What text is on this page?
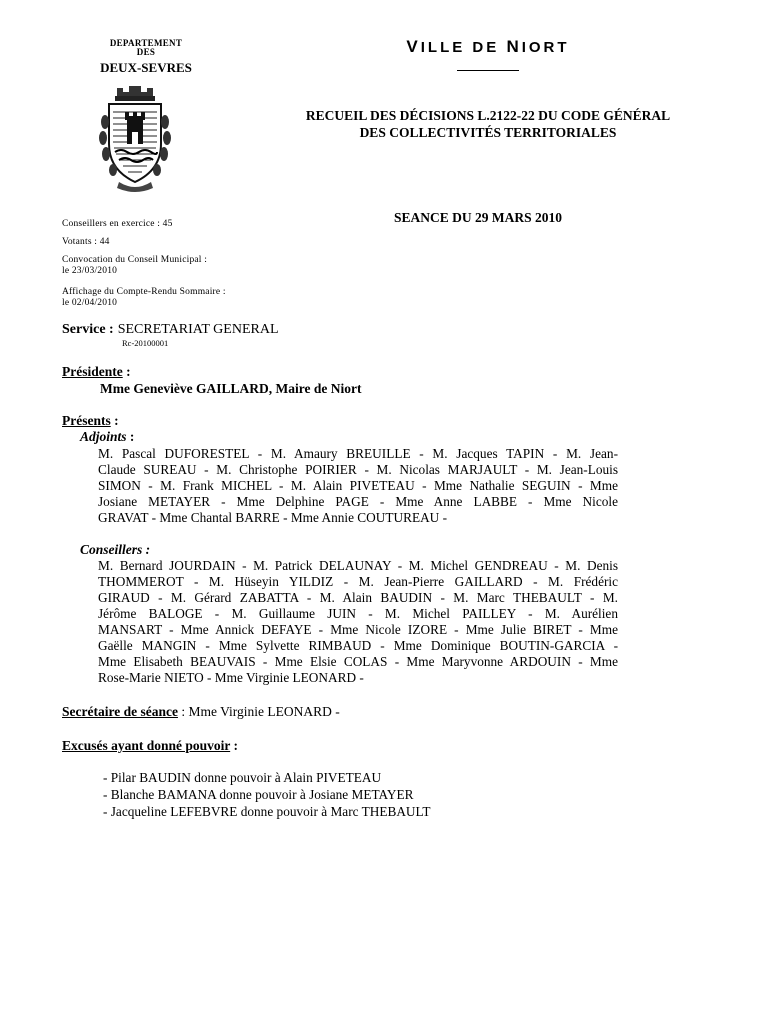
DEPARTEMENT
DES
DEUX-SEVRES
VILLE DE NIORT
RECUEIL DES DÉCISIONS L.2122-22 DU CODE GÉNÉRAL
DES COLLECTIVITÉS TERRITORIALES
SEANCE DU 29 MARS 2010
Conseillers en exercice : 45
Votants : 44
Convocation du Conseil Municipal :
le 23/03/2010
Affichage du Compte-Rendu Sommaire :
le 02/04/2010
Service : SECRETARIAT GENERAL
Rc-20100001
Présidente :
Mme Geneviève GAILLARD, Maire de Niort
Présents :
Adjoints :
M. Pascal DUFORESTEL - M. Amaury BREUILLE - M. Jacques TAPIN - M. Jean-
Claude SUREAU - M. Christophe POIRIER - M. Nicolas MARJAULT - M. Jean-Louis
SIMON - M. Frank MICHEL - M. Alain PIVETEAU - Mme Nathalie SEGUIN - Mme
Josiane METAYER - Mme Delphine PAGE - Mme Anne LABBE - Mme Nicole
GRAVAT - Mme Chantal BARRE - Mme Annie COUTUREAU -
Conseillers :
M. Bernard JOURDAIN - M. Patrick DELAUNAY - M. Michel GENDREAU - M. Denis
THOMMEROT - M. Hüseyin YILDIZ - M. Jean-Pierre GAILLARD - M. Frédéric
GIRAUD - M. Gérard ZABATTA - M. Alain BAUDIN - M. Marc THEBAULT - M.
Jérôme BALOGE - M. Guillaume JUIN - M. Michel PAILLEY - M. Aurélien
MANSART - Mme Annick DEFAYE - Mme Nicole IZORE - Mme Julie BIRET - Mme
Gaëlle MANGIN - Mme Sylvette RIMBAUD - Mme Dominique BOUTIN-GARCIA -
Mme Elisabeth BEAUVAIS - Mme Elsie COLAS - Mme Maryvonne ARDOUIN - Mme
Rose-Marie NIETO - Mme Virginie LEONARD -
Secrétaire de séance : Mme Virginie LEONARD -
Excusés ayant donné pouvoir :
- Pilar BAUDIN donne pouvoir à Alain PIVETEAU
- Blanche BAMANA donne pouvoir à Josiane METAYER
- Jacqueline LEFEBVRE donne pouvoir à Marc THEBAULT
